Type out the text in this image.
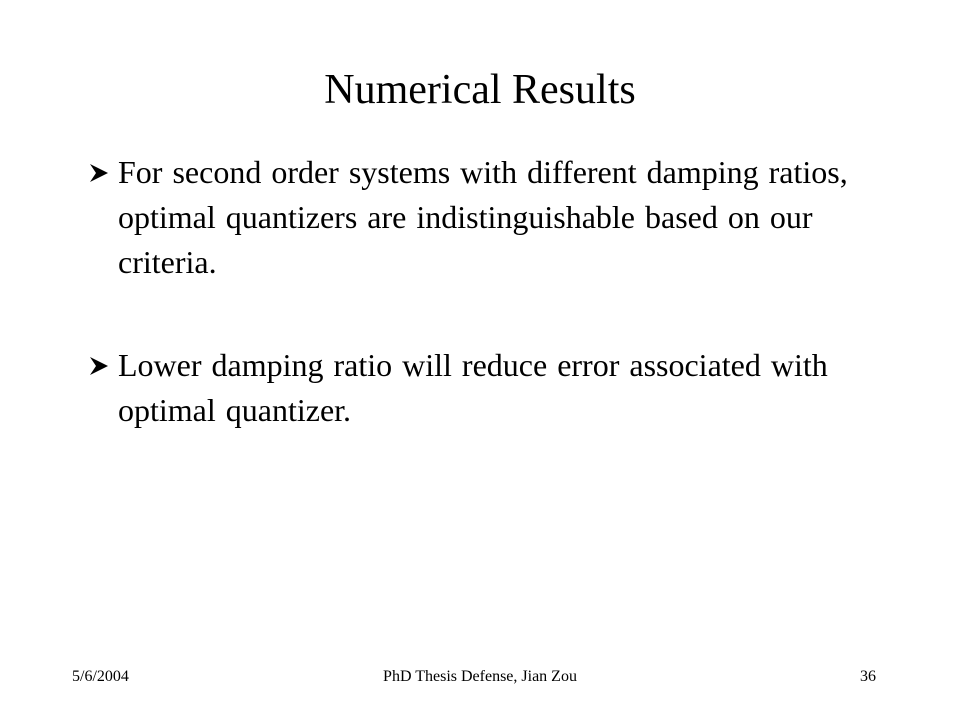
Numerical Results
For second order systems with different damping ratios, optimal quantizers are indistinguishable based on our criteria.
Lower damping ratio will reduce error associated with optimal quantizer.
5/6/2004	PhD Thesis Defense, Jian Zou	36
